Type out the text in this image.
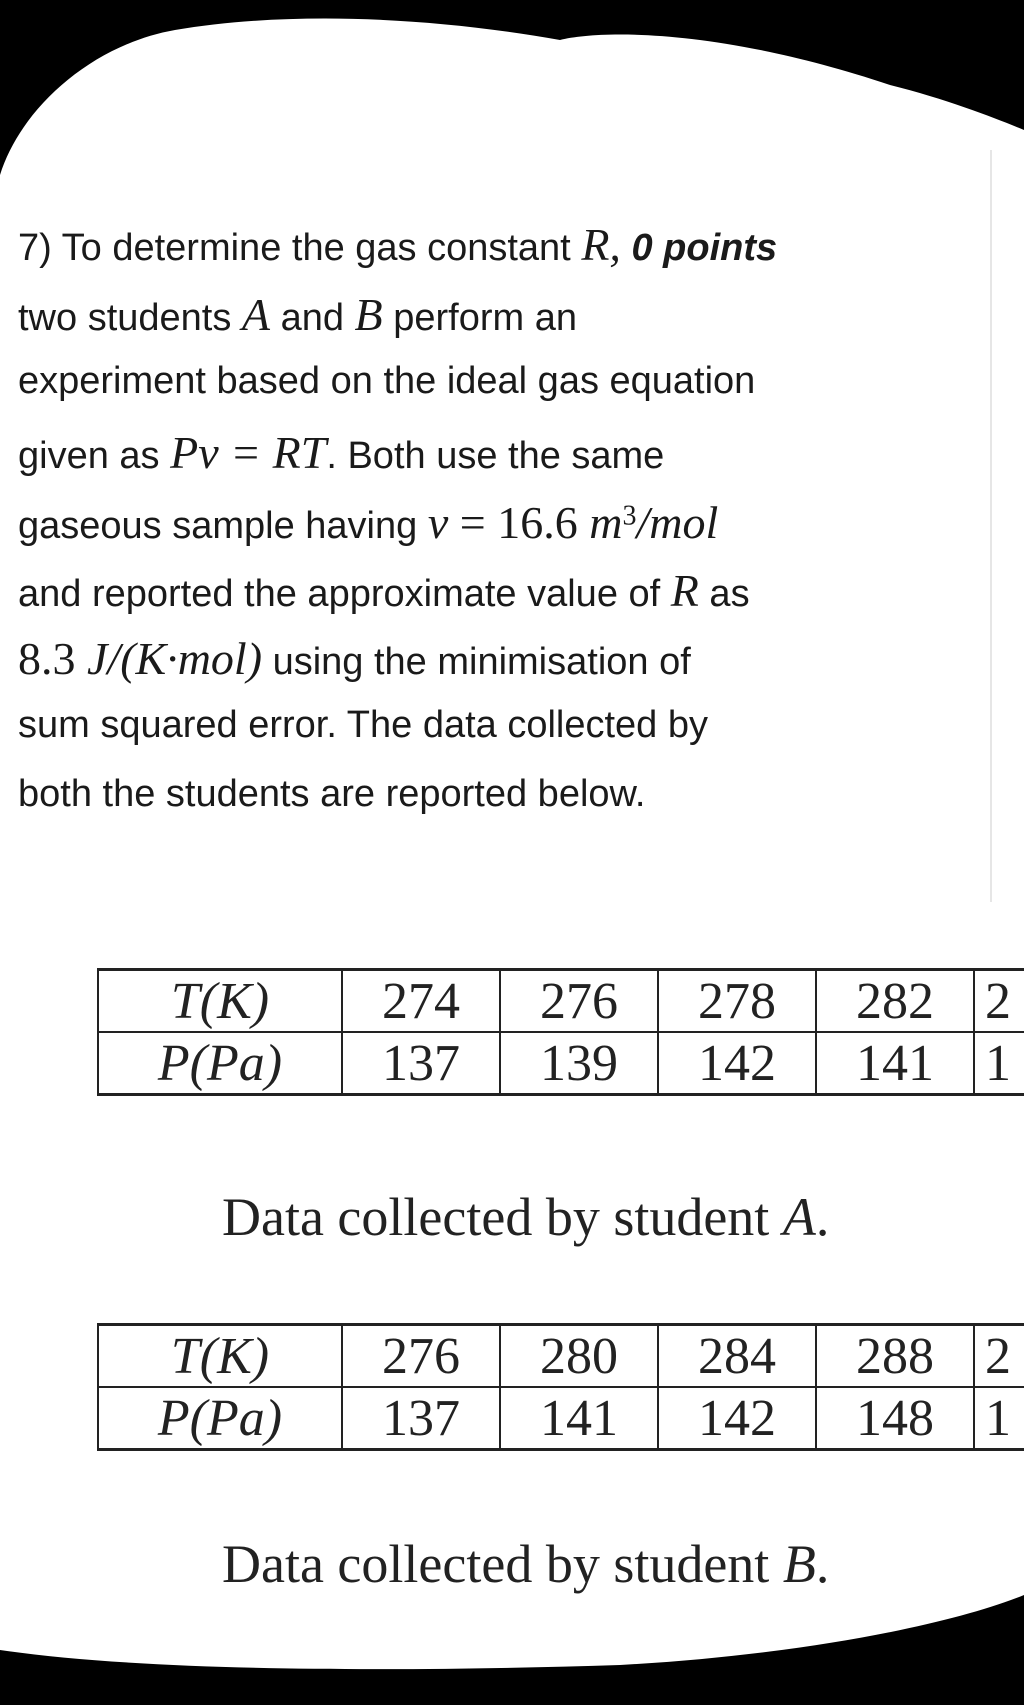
7) To determine the gas constant R, 0 points
two students A and B perform an
experiment based on the ideal gas equation
given as Pv = RT. Both use the same
gaseous sample having v = 16.6 $m^3$/mol
and reported the approximate value of R as
8.3 J/(K·mol) using the minimisation of
sum squared error. The data collected by
both the students are reported below.
T(K)	274	276	278	282	2
P(Pa)	137	139	142	141	1
Data collected by student A.
T(K)	276	280	284	288	2
P(Pa)	137	141	142	148	1
Data collected by student B.
